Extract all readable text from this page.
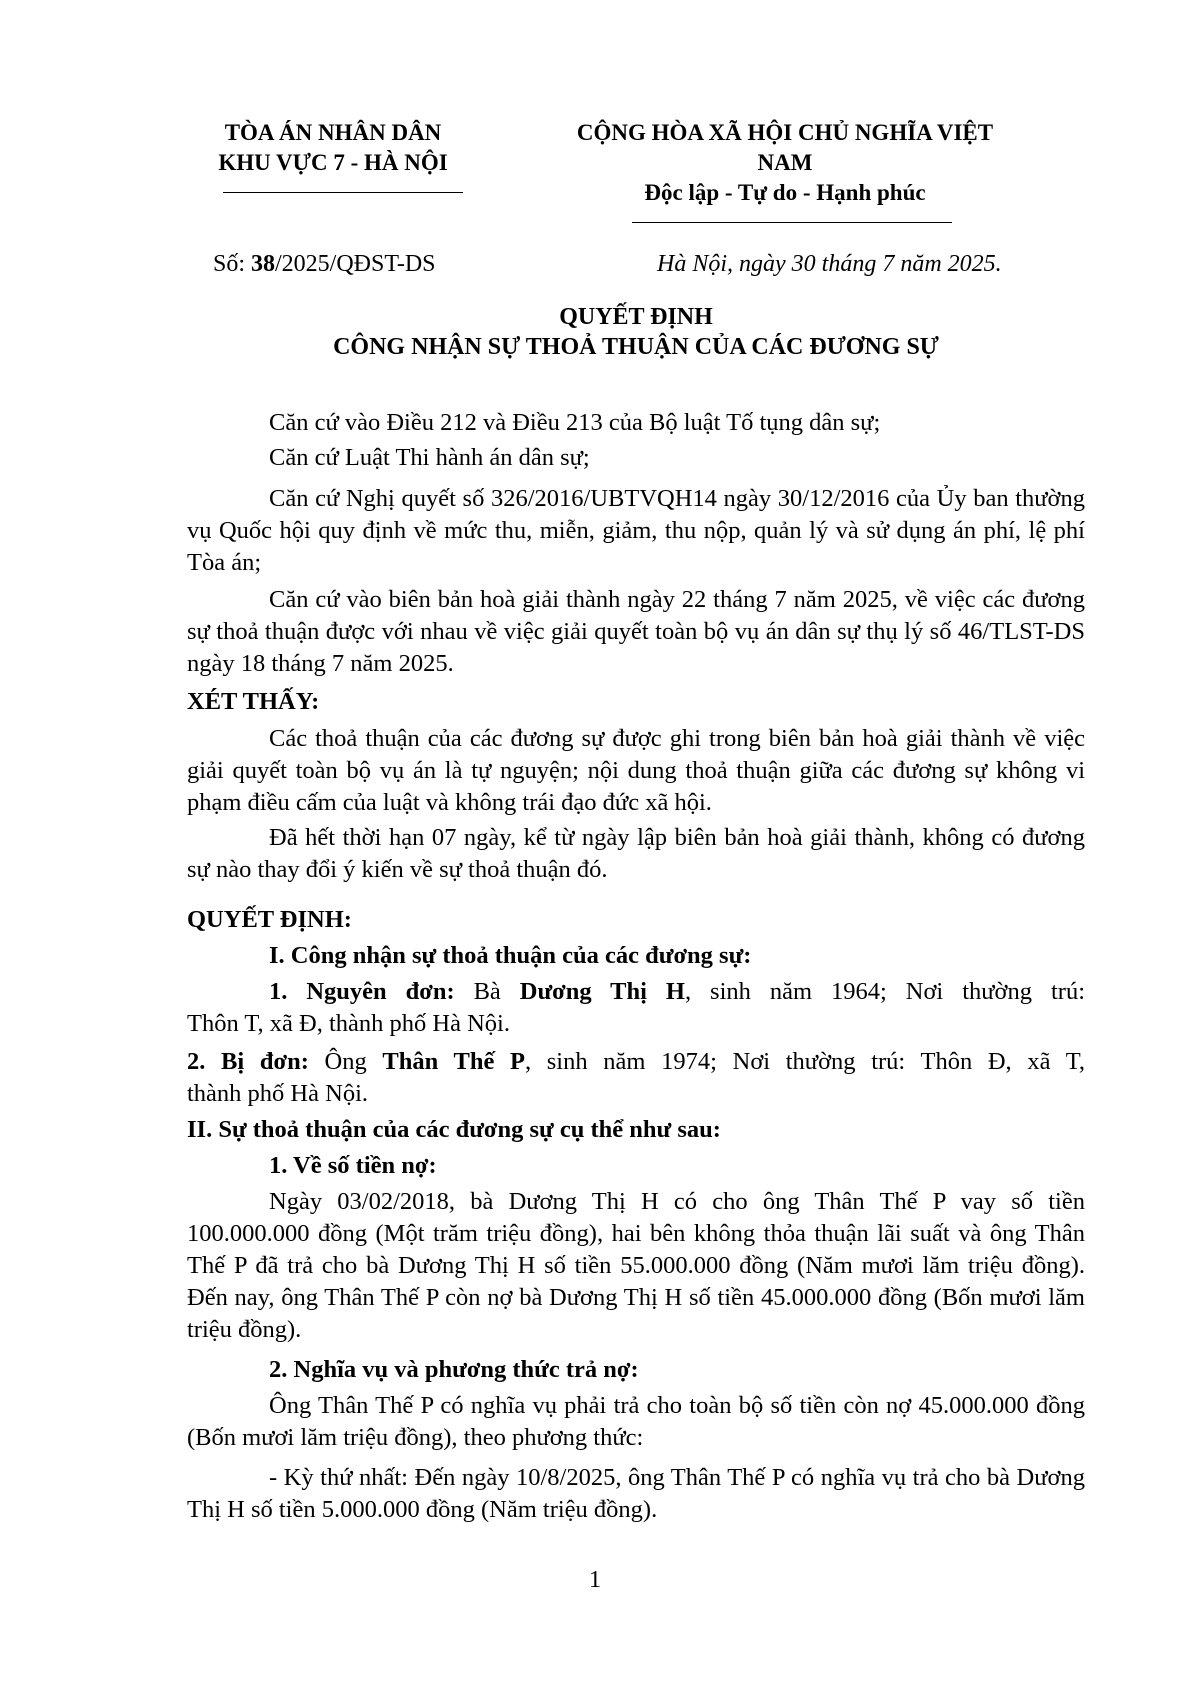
TÒA ÁN NHÂN DÂN
KHU VỰC 7 - HÀ NỘI
CỘNG HÒA XÃ HỘI CHỦ NGHĨA VIỆT
NAM
Độc lập - Tự do - Hạnh phúc
Số: 38/2025/QĐST-DS	Hà Nội, ngày 30 tháng 7 năm 2025.
QUYẾT ĐỊNH
CÔNG NHẬN SỰ THOẢ THUẬN CỦA CÁC ĐƯƠNG SỰ
Căn cứ vào Điều 212 và Điều 213 của Bộ luật Tố tụng dân sự;
Căn cứ Luật Thi hành án dân sự;
Căn cứ Nghị quyết số 326/2016/UBTVQH14 ngày 30/12/2016 của Ủy ban thường vụ Quốc hội quy định về mức thu, miễn, giảm, thu nộp, quản lý và sử dụng án phí, lệ phí Tòa án;
Căn cứ vào biên bản hoà giải thành ngày 22 tháng 7 năm 2025, về việc các đương sự thoả thuận được với nhau về việc giải quyết toàn bộ vụ án dân sự thụ lý số 46/TLST-DS ngày 18 tháng 7 năm 2025.
XÉT THẤY:
Các thoả thuận của các đương sự được ghi trong biên bản hoà giải thành về việc giải quyết toàn bộ vụ án là tự nguyện; nội dung thoả thuận giữa các đương sự không vi phạm điều cấm của luật và không trái đạo đức xã hội.
Đã hết thời hạn 07 ngày, kể từ ngày lập biên bản hoà giải thành, không có đương sự nào thay đổi ý kiến về sự thoả thuận đó.
QUYẾT ĐỊNH:
I. Công nhận sự thoả thuận của các đương sự:
1. Nguyên đơn: Bà Dương Thị H, sinh năm 1964; Nơi thường trú:
Thôn T, xã Đ, thành phố Hà Nội.
2. Bị đơn: Ông Thân Thế P, sinh năm 1974; Nơi thường trú: Thôn Đ, xã T,
thành phố Hà Nội.
II. Sự thoả thuận của các đương sự cụ thể như sau:
1. Về số tiền nợ:
Ngày 03/02/2018, bà Dương Thị H có cho ông Thân Thế P vay số tiền 100.000.000 đồng (Một trăm triệu đồng), hai bên không thỏa thuận lãi suất và ông Thân Thế P đã trả cho bà Dương Thị H số tiền 55.000.000 đồng (Năm mươi lăm triệu đồng). Đến nay, ông Thân Thế P còn nợ bà Dương Thị H số tiền 45.000.000 đồng (Bốn mươi lăm triệu đồng).
2. Nghĩa vụ và phương thức trả nợ:
Ông Thân Thế P có nghĩa vụ phải trả cho toàn bộ số tiền còn nợ 45.000.000 đồng (Bốn mươi lăm triệu đồng), theo phương thức:
- Kỳ thứ nhất: Đến ngày 10/8/2025, ông Thân Thế P có nghĩa vụ trả cho bà Dương Thị H số tiền 5.000.000 đồng (Năm triệu đồng).
1
